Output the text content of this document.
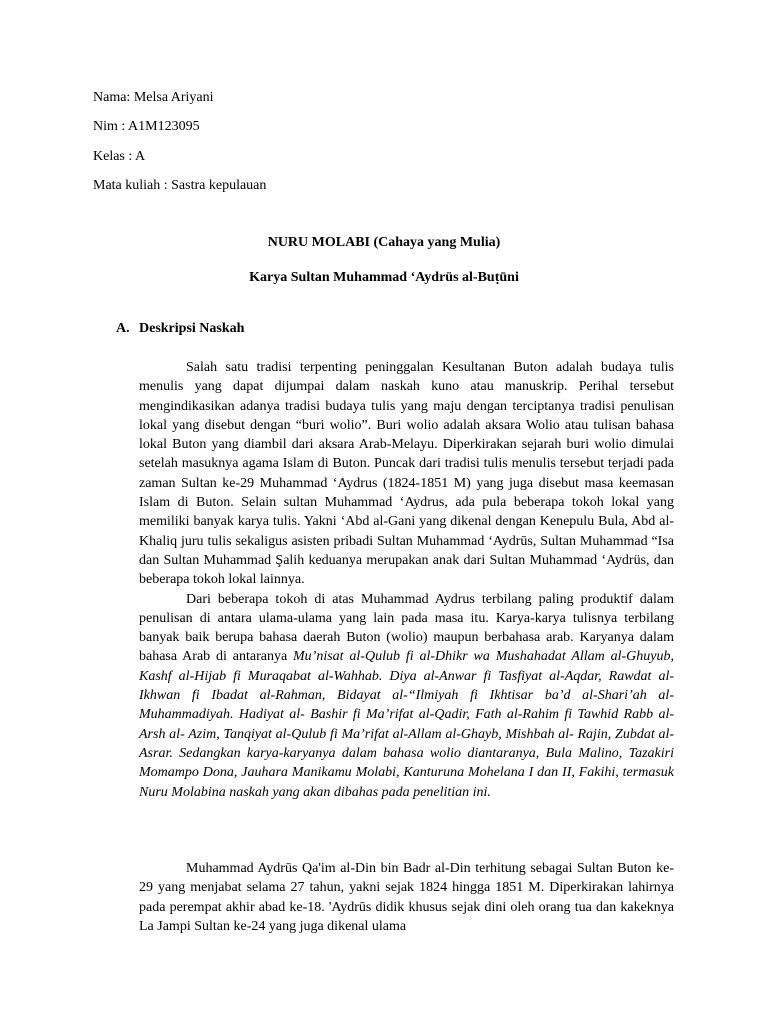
Nama: Melsa Ariyani
Nim : A1M123095
Kelas : A
Mata kuliah : Sastra kepulauan
NURU MOLABI (Cahaya yang Mulia)
Karya Sultan Muhammad ‘Aydrüs al-Buṭūni
A. Deskripsi Naskah

Salah satu tradisi terpenting peninggalan Kesultanan Buton adalah budaya tulis menulis yang dapat dijumpai dalam naskah kuno atau manuskrip. Perihal tersebut mengindikasikan adanya tradisi budaya tulis yang maju dengan terciptanya tradisi penulisan lokal yang disebut dengan “buri wolio”. Buri wolio adalah aksara Wolio atau tulisan bahasa lokal Buton yang diambil dari aksara Arab-Melayu. Diperkirakan sejarah buri wolio dimulai setelah masuknya agama Islam di Buton. Puncak dari tradisi tulis menulis tersebut terjadi pada zaman Sultan ke-29 Muhammad ‘Aydrus (1824-1851 M) yang juga disebut masa keemasan Islam di Buton. Selain sultan Muhammad ‘Aydrus, ada pula beberapa tokoh lokal yang memiliki banyak karya tulis. Yakni ‘Abd al-Gani yang dikenal dengan Kenepulu Bula, Abd al-Khaliq juru tulis sekaligus asisten pribadi Sultan Muhammad ‘Aydrūs, Sultan Muhammad “Isa dan Sultan Muhammad Şalih keduanya merupakan anak dari Sultan Muhammad ‘Aydrüs, dan beberapa tokoh lokal lainnya.

Dari beberapa tokoh di atas Muhammad Aydrus terbilang paling produktif dalam penulisan di antara ulama-ulama yang lain pada masa itu. Karya-karya tulisnya terbilang banyak baik berupa bahasa daerah Buton (wolio) maupun berbahasa arab. Karyanya dalam bahasa Arab di antaranya Mu’nisat al-Qulub fi al-Dhikr wa Mushahadat Allam al-Ghuyub, Kashf al-Hijab fi Muraqabat al-Wahhab. Diya al-Anwar fi Tasfiyat al-Aqdar, Rawdat al-Ikhwan fi Ibadat al-Rahman, Bidayat al-“Ilmiyah fi Ikhtisar ba’d al-Shari’ah al-Muhammadiyah. Hadiyat al- Bashir fi Ma’rifat al-Qadir, Fath al-Rahim fi Tawhid Rabb al-Arsh al- Azim, Tanqiyat al-Qulub fi Ma’rifat al-Allam al-Ghayb, Mishbah al- Rajin, Zubdat al-Asrar. Sedangkan karya-karyanya dalam bahasa wolio diantaranya, Bula Malino, Tazakiri Momampo Dona, Jauhara Manikamu Molabi, Kanturuna Mohelana I dan II, Fakihi, termasuk Nuru Molabina naskah yang akan dibahas pada penelitian ini.

Muhammad Aydrūs Qa'im al-Din bin Badr al-Din terhitung sebagai Sultan Buton ke-29 yang menjabat selama 27 tahun, yakni sejak 1824 hingga 1851 M. Diperkirakan lahirnya pada perempat akhir abad ke-18. 'Aydrūs didik khusus sejak dini oleh orang tua dan kakeknya La Jampi Sultan ke-24 yang juga dikenal ulama
